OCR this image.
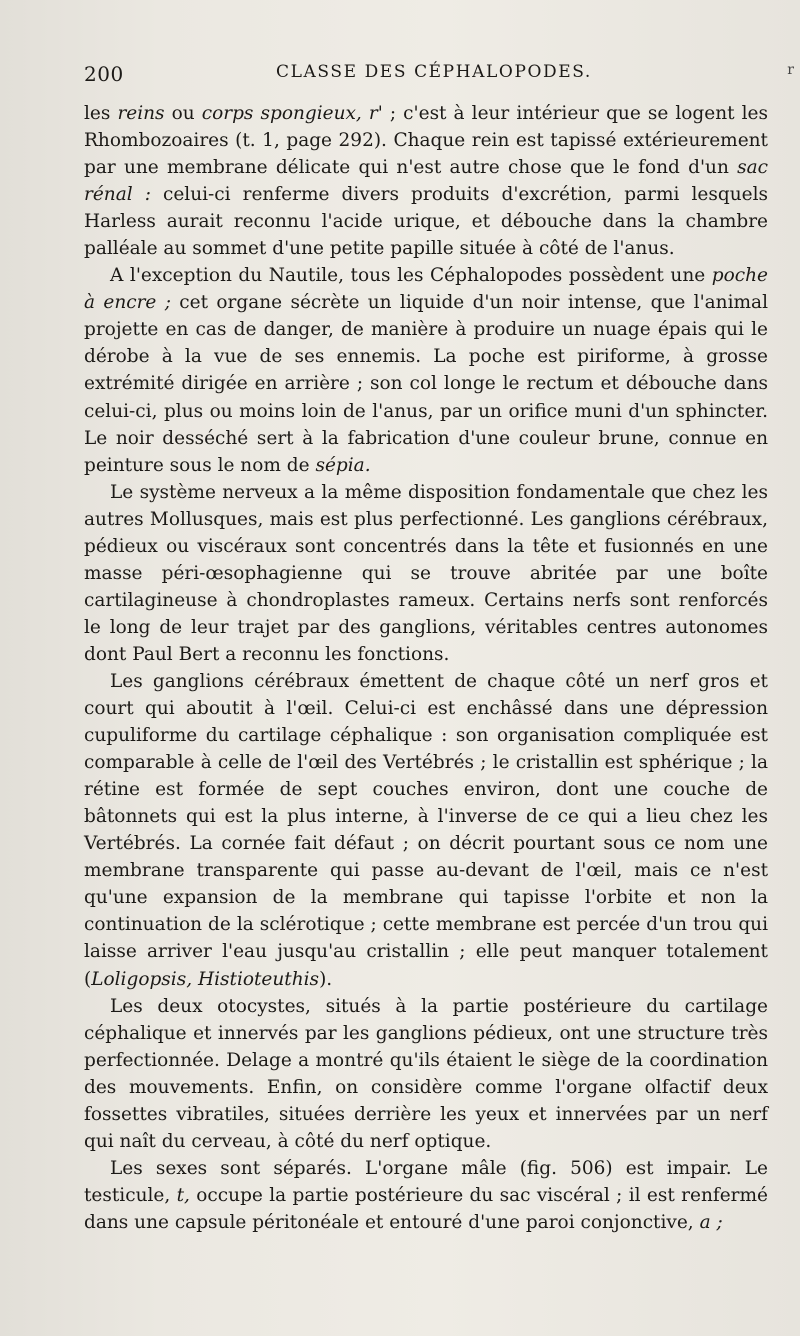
200	CLASSE DES CÉPHALOPODES.	r

les reins ou corps spongieux, r' ; c'est à leur intérieur que se logent les Rhombozoaires (t. 1, page 292). Chaque rein est tapissé extérieurement par une membrane délicate qui n'est autre chose que le fond d'un sac rénal : celui-ci renferme divers produits d'excrétion, parmi lesquels Harless aurait reconnu l'acide urique, et débouche dans la chambre palléale au sommet d'une petite papille située à côté de l'anus.

A l'exception du Nautile, tous les Céphalopodes possèdent une poche à encre ; cet organe sécrète un liquide d'un noir intense, que l'animal projette en cas de danger, de manière à produire un nuage épais qui le dérobe à la vue de ses ennemis. La poche est piriforme, à grosse extrémité dirigée en arrière ; son col longe le rectum et débouche dans celui-ci, plus ou moins loin de l'anus, par un orifice muni d'un sphincter. Le noir desséché sert à la fabrication d'une couleur brune, connue en peinture sous le nom de sépia.

Le système nerveux a la même disposition fondamentale que chez les autres Mollusques, mais est plus perfectionné. Les ganglions cérébraux, pédieux ou viscéraux sont concentrés dans la tête et fusionnés en une masse péri-œsophagienne qui se trouve abritée par une boîte cartilagineuse à chondroplastes rameux. Certains nerfs sont renforcés le long de leur trajet par des ganglions, véritables centres autonomes dont Paul Bert a reconnu les fonctions.

Les ganglions cérébraux émettent de chaque côté un nerf gros et court qui aboutit à l'œil. Celui-ci est enchâssé dans une dépression cupuliforme du cartilage céphalique : son organisation compliquée est comparable à celle de l'œil des Vertébrés ; le cristallin est sphérique ; la rétine est formée de sept couches environ, dont une couche de bâtonnets qui est la plus interne, à l'inverse de ce qui a lieu chez les Vertébrés. La cornée fait défaut ; on décrit pourtant sous ce nom une membrane transparente qui passe au-devant de l'œil, mais ce n'est qu'une expansion de la membrane qui tapisse l'orbite et non la continuation de la sclérotique ; cette membrane est percée d'un trou qui laisse arriver l'eau jusqu'au cristallin ; elle peut manquer totalement (Loligopsis, Histioteuthis).

Les deux otocystes, situés à la partie postérieure du cartilage céphalique et innervés par les ganglions pédieux, ont une structure très perfectionnée. Delage a montré qu'ils étaient le siège de la coordination des mouvements. Enfin, on considère comme l'organe olfactif deux fossettes vibratiles, situées derrière les yeux et innervées par un nerf qui naît du cerveau, à côté du nerf optique.

Les sexes sont séparés. L'organe mâle (fig. 506) est impair. Le testicule, t, occupe la partie postérieure du sac viscéral ; il est renfermé dans une capsule péritonéale et entouré d'une paroi conjonctive, a ;
